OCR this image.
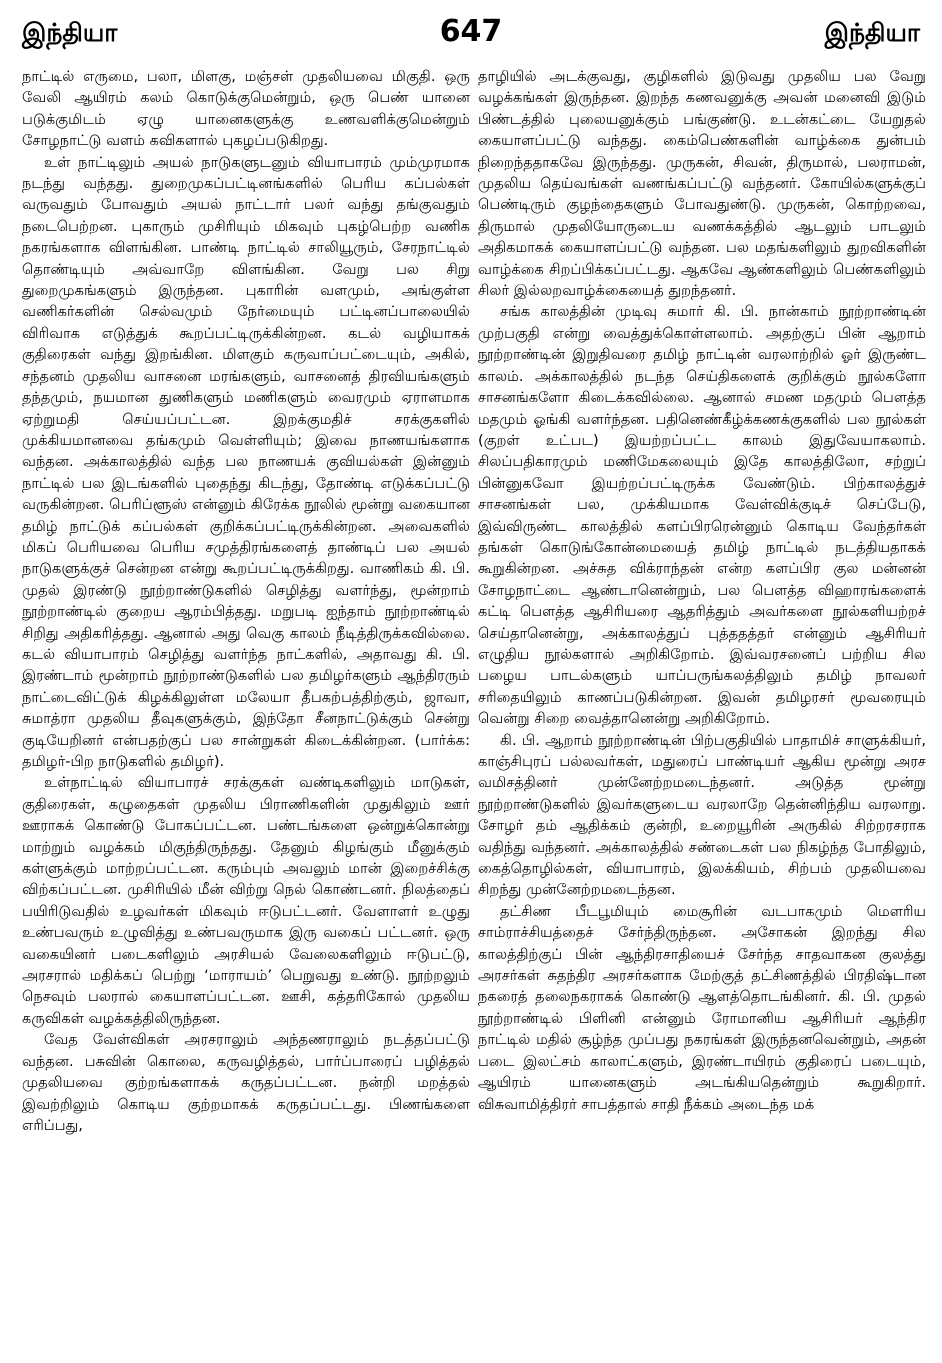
இந்தியா	647	இந்தியா

நாட்டில் எருமை, பலா, மிளகு, மஞ்சள் முதலியவை மிகுதி. ஒரு வேலி ஆயிரம் கலம் கொடுக்குமென்றும், ஒரு பெண் யானை படுக்குமிடம் ஏழு யானைகளுக்கு உணவளிக்குமென்றும் சோழநாட்டு வளம் கவிகளால் புகழப்படுகிறது.

உள் நாட்டிலும் அயல் நாடுகளுடனும் வியாபாரம் மும்முரமாக நடந்து வந்தது. துறைமுகப்பட்டினங்களில் பெரிய கப்பல்கள் வருவதும் போவதும் அயல் நாட்டார் பலர் வந்து தங்குவதும் நடைபெற்றன. புகாரும் முசிரியும் மிகவும் புகழ்பெற்ற வணிக நகரங்களாக விளங்கின. பாண்டி நாட்டில் சாலியூரும், சேரநாட்டில் தொண்டியும் அவ்வாறே விளங்கின. வேறு பல சிறு துறைமுகங்களும் இருந்தன. புகாரின் வளமும், அங்குள்ள வணிகர்களின் செல்வமும் நேர்மையும் பட்டினப்பாலையில் விரிவாக எடுத்துக் கூறப்பட்டிருக்கின்றன. கடல் வழியாகக் குதிரைகள் வந்து இறங்கின. மிளகும் கருவாப்பட்டையும், அகில், சந்தனம் முதலிய வாசனை மரங்களும், வாசனைத் திரவியங்களும் தந்தமும், நயமான துணிகளும் மணிகளும் வைரமும் ஏராளமாக ஏற்றுமதி செய்யப்பட்டன. இறக்குமதிச் சரக்குகளில் முக்கியமானவை தங்கமும் வெள்ளியும்; இவை நாணயங்களாக வந்தன. அக்காலத்தில் வந்த பல நாணயக் குவியல்கள் இன்னும் நாட்டில் பல இடங்களில் புதைந்து கிடந்து, தோண்டி எடுக்கப்பட்டு வருகின்றன. பெரிப்ளூஸ் என்னும் கிரேக்க நூலில் மூன்று வகையான தமிழ் நாட்டுக் கப்பல்கள் குறிக்கப்பட்டிருக்கின்றன. அவைகளில் மிகப் பெரியவை பெரிய சமுத்திரங்களைத் தாண்டிப் பல அயல் நாடுகளுக்குச் சென்றன என்று கூறப்பட்டிருக்கிறது. வாணிகம் கி. பி. முதல் இரண்டு நூற்றாண்டுகளில் செழித்து வளர்ந்து, மூன்றாம் நூற்றாண்டில் குறைய ஆரம்பித்தது. மறுபடி ஐந்தாம் நூற்றாண்டில் சிறிது அதிகரித்தது. ஆனால் அது வெகு காலம் நீடித்திருக்கவில்லை. கடல் வியாபாரம் செழித்து வளர்ந்த நாட்களில், அதாவது கி. பி. இரண்டாம் மூன்றாம் நூற்றாண்டுகளில் பல தமிழர்களும் ஆந்திரரும் நாட்டைவிட்டுக் கிழக்கிலுள்ள மலேயா தீபகற்பத்திற்கும், ஜாவா, சுமாத்ரா முதலிய தீவுகளுக்கும், இந்தோ சீனநாட்டுக்கும் சென்று குடியேறினர் என்பதற்குப் பல சான்றுகள் கிடைக்கின்றன. (பார்க்க: தமிழர்-பிற நாடுகளில் தமிழர்).

உள்நாட்டில் வியாபாரச் சரக்குகள் வண்டிகளிலும் மாடுகள், குதிரைகள், கழுதைகள் முதலிய பிராணிகளின் முதுகிலும் ஊர் ஊராகக் கொண்டு போகப்பட்டன. பண்டங்களை ஒன்றுக்கொன்று மாற்றும் வழக்கம் மிகுந்திருந்தது. தேனும் கிழங்கும் மீனுக்கும் கள்ளுக்கும் மாற்றப்பட்டன. கரும்பும் அவலும் மான் இறைச்சிக்கு விற்கப்பட்டன. முசிரியில் மீன் விற்று நெல் கொண்டனர். நிலத்தைப் பயிரிடுவதில் உழவர்கள் மிகவும் ஈடுபட்டனர். வேளாளர் உழுது உண்பவரும் உழுவித்து உண்பவருமாக இரு வகைப் பட்டனர். ஒரு வகையினர் படைகளிலும் அரசியல் வேலைகளிலும் ஈடுபட்டு, அரசரால் மதிக்கப் பெற்று ‘மாராயம்’ பெறுவது உண்டு. நூற்றலும் நெசவும் பலரால் கையாளப்பட்டன. ஊசி, கத்தரிகோல் முதலிய கருவிகள் வழக்கத்திலிருந்தன.

வேத வேள்விகள் அரசராலும் அந்தணராலும் நடத்தப்பட்டு வந்தன. பசுவின் கொலை, கருவழித்தல், பார்ப்பாரைப் பழித்தல் முதலியவை குற்றங்களாகக் கருதப்பட்டன. நன்றி மறத்தல் இவற்றிலும் கொடிய குற்றமாகக் கருதப்பட்டது. பிணங்களை எரிப்பது,

தாழியில் அடக்குவது, குழிகளில் இடுவது முதலிய பல வேறு வழக்கங்கள் இருந்தன. இறந்த கணவனுக்கு அவன் மனைவி இடும் பிண்டத்தில் புலையனுக்கும் பங்குண்டு. உடன்கட்டை யேறுதல் கையாளப்பட்டு வந்தது. கைம்பெண்களின் வாழ்க்கை துன்பம் நிறைந்ததாகவே இருந்தது. முருகன், சிவன், திருமால், பலராமன், முதலிய தெய்வங்கள் வணங்கப்பட்டு வந்தனர். கோயில்களுக்குப் பெண்டிரும் குழந்தைகளும் போவதுண்டு. முருகன், கொற்றவை, திருமால் முதலியோருடைய வணக்கத்தில் ஆடலும் பாடலும் அதிகமாகக் கையாளப்பட்டு வந்தன. பல மதங்களிலும் துறவிகளின் வாழ்க்கை சிறப்பிக்கப்பட்டது. ஆகவே ஆண்களிலும் பெண்களிலும் சிலர் இல்லறவாழ்க்கையைத் துறந்தனர்.

சங்க காலத்தின் முடிவு சுமார் கி. பி. நான்காம் நூற்றாண்டின் முற்பகுதி என்று வைத்துக்கொள்ளலாம். அதற்குப் பின் ஆறாம் நூற்றாண்டின் இறுதிவரை தமிழ் நாட்டின் வரலாற்றில் ஓர் இருண்ட காலம். அக்காலத்தில் நடந்த செய்திகளைக் குறிக்கும் நூல்களோ சாசனங்களோ கிடைக்கவில்லை. ஆனால் சமண மதமும் பௌத்த மதமும் ஓங்கி வளர்ந்தன. பதினெண்கீழ்க்கணக்குகளில் பல நூல்கள் (குறள் உட்பட) இயற்றப்பட்ட காலம் இதுவேயாகலாம். சிலப்பதிகாரமும் மணிமேகலையும் இதே காலத்திலோ, சற்றுப் பின்னுகவோ இயற்றப்பட்டிருக்க வேண்டும். பிற்காலத்துச் சாசனங்கள் பல, முக்கியமாக வேள்விக்குடிச் செப்பேடு, இவ்விருண்ட காலத்தில் களப்பிரரென்னும் கொடிய வேந்தர்கள் தங்கள் கொடுங்கோன்மையைத் தமிழ் நாட்டில் நடத்தியதாகக் கூறுகின்றன. அச்சுத விக்ராந்தன் என்ற களப்பிர குல மன்னன் சோழநாட்டை ஆண்டானென்றும், பல பௌத்த விஹாரங்களைக் கட்டி பௌத்த ஆசிரியரை ஆதரித்தும் அவர்களை நூல்களியற்றச் செய்தானென்று, அக்காலத்துப் புத்ததத்தர் என்னும் ஆசிரியர் எழுதிய நூல்களால் அறிகிறோம். இவ்வரசனைப் பற்றிய சில பழைய பாடல்களும் யாப்பருங்கலத்திலும் தமிழ் நாவலர் சரிதையிலும் காணப்படுகின்றன. இவன் தமிழரசர் மூவரையும் வென்று சிறை வைத்தானென்று அறிகிறோம்.

கி. பி. ஆறாம் நூற்றாண்டின் பிற்பகுதியில் பாதாமிச் சாளுக்கியர், காஞ்சிபுரப் பல்லவர்கள், மதுரைப் பாண்டியர் ஆகிய மூன்று அரச வமிசத்தினர் முன்னேற்றமடைந்தனர். அடுத்த மூன்று நூற்றாண்டுகளில் இவர்களுடைய வரலாறே தென்னிந்திய வரலாறு. சோழர் தம் ஆதிக்கம் குன்றி, உறையூரின் அருகில் சிற்றரசராக வதிந்து வந்தனர். அக்காலத்தில் சண்டைகள் பல நிகழ்ந்த போதிலும், கைத்தொழில்கள், வியாபாரம், இலக்கியம், சிற்பம் முதலியவை சிறந்து முன்னேற்றமடைந்தன.

தட்சிண பீடபூமியும் மைசூரின் வடபாகமும் மௌரிய சாம்ராச்சியத்தைச் சேர்ந்திருந்தன. அசோகன் இறந்து சில காலத்திற்குப் பின் ஆந்திரசாதியைச் சேர்ந்த சாதவாகன குலத்து அரசர்கள் சுதந்திர அரசர்களாக மேற்குத் தட்சிணத்தில் பிரதிஷ்டான நகரைத் தலைநகராகக் கொண்டு ஆளத்தொடங்கினர். கி. பி. முதல் நூற்றாண்டில் பிளினி என்னும் ரோமானிய ஆசிரியர் ஆந்திர நாட்டில் மதில் சூழ்ந்த முப்பது நகரங்கள் இருந்தனவென்றும், அதன் படை இலட்சம் காலாட்களும், இரண்டாயிரம் குதிரைப் படையும், ஆயிரம் யானைகளும் அடங்கியதென்றும் கூறுகிறார். விசுவாமித்திரர் சாபத்தால் சாதி நீக்கம் அடைந்த மக்
